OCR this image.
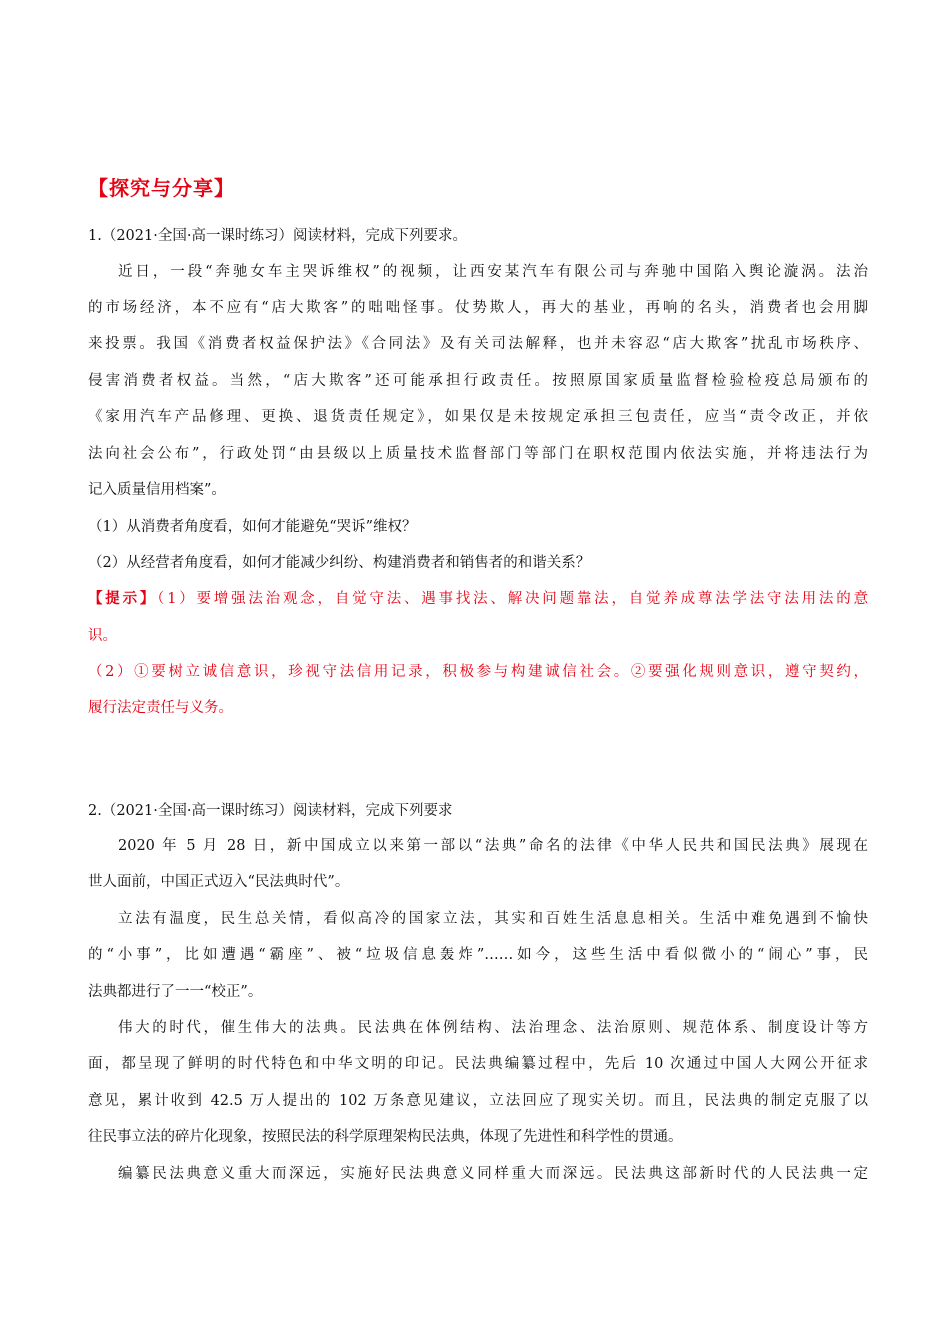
【探究与分享】
1.（2021·全国·高一课时练习）阅读材料，完成下列要求。
近日，一段“奔驰女车主哭诉维权”的视频，让西安某汽车有限公司与奔驰中国陷入舆论漩涡。法治
的市场经济，本不应有“店大欺客”的咄咄怪事。仗势欺人，再大的基业，再响的名头，消费者也会用脚
来投票。我国《消费者权益保护法》《合同法》及有关司法解释，也并未容忍“店大欺客”扰乱市场秩序、
侵害消费者权益。当然，“店大欺客”还可能承担行政责任。按照原国家质量监督检验检疫总局颁布的
《家用汽车产品修理、更换、退货责任规定》，如果仅是未按规定承担三包责任，应当“责令改正，并依
法向社会公布”，行政处罚“由县级以上质量技术监督部门等部门在职权范围内依法实施，并将违法行为
记入质量信用档案”。
（1）从消费者角度看，如何才能避免“哭诉”维权？
（2）从经营者角度看，如何才能减少纠纷、构建消费者和销售者的和谐关系？
【提示】（1）要增强法治观念，自觉守法、遇事找法、解决问题靠法，自觉养成尊法学法守法用法的意
识。
（2）①要树立诚信意识，珍视守法信用记录，积极参与构建诚信社会。②要强化规则意识，遵守契约，
履行法定责任与义务。
2.（2021·全国·高一课时练习）阅读材料，完成下列要求
2020 年 5 月 28 日，新中国成立以来第一部以“法典”命名的法律《中华人民共和国民法典》展现在
世人面前，中国正式迈入“民法典时代”。
立法有温度，民生总关情，看似高冷的国家立法，其实和百姓生活息息相关。生活中难免遇到不愉快
的“小事”，比如遭遇“霸座”、被“垃圾信息轰炸”……如今，这些生活中看似微小的“闹心”事，民
法典都进行了一一“校正”。
伟大的时代，催生伟大的法典。民法典在体例结构、法治理念、法治原则、规范体系、制度设计等方
面，都呈现了鲜明的时代特色和中华文明的印记。民法典编纂过程中，先后 10 次通过中国人大网公开征求
意见，累计收到 42.5 万人提出的 102 万条意见建议，立法回应了现实关切。而且，民法典的制定克服了以
往民事立法的碎片化现象，按照民法的科学原理架构民法典，体现了先进性和科学性的贯通。
编纂民法典意义重大而深远，实施好民法典意义同样重大而深远。民法典这部新时代的人民法典一定
